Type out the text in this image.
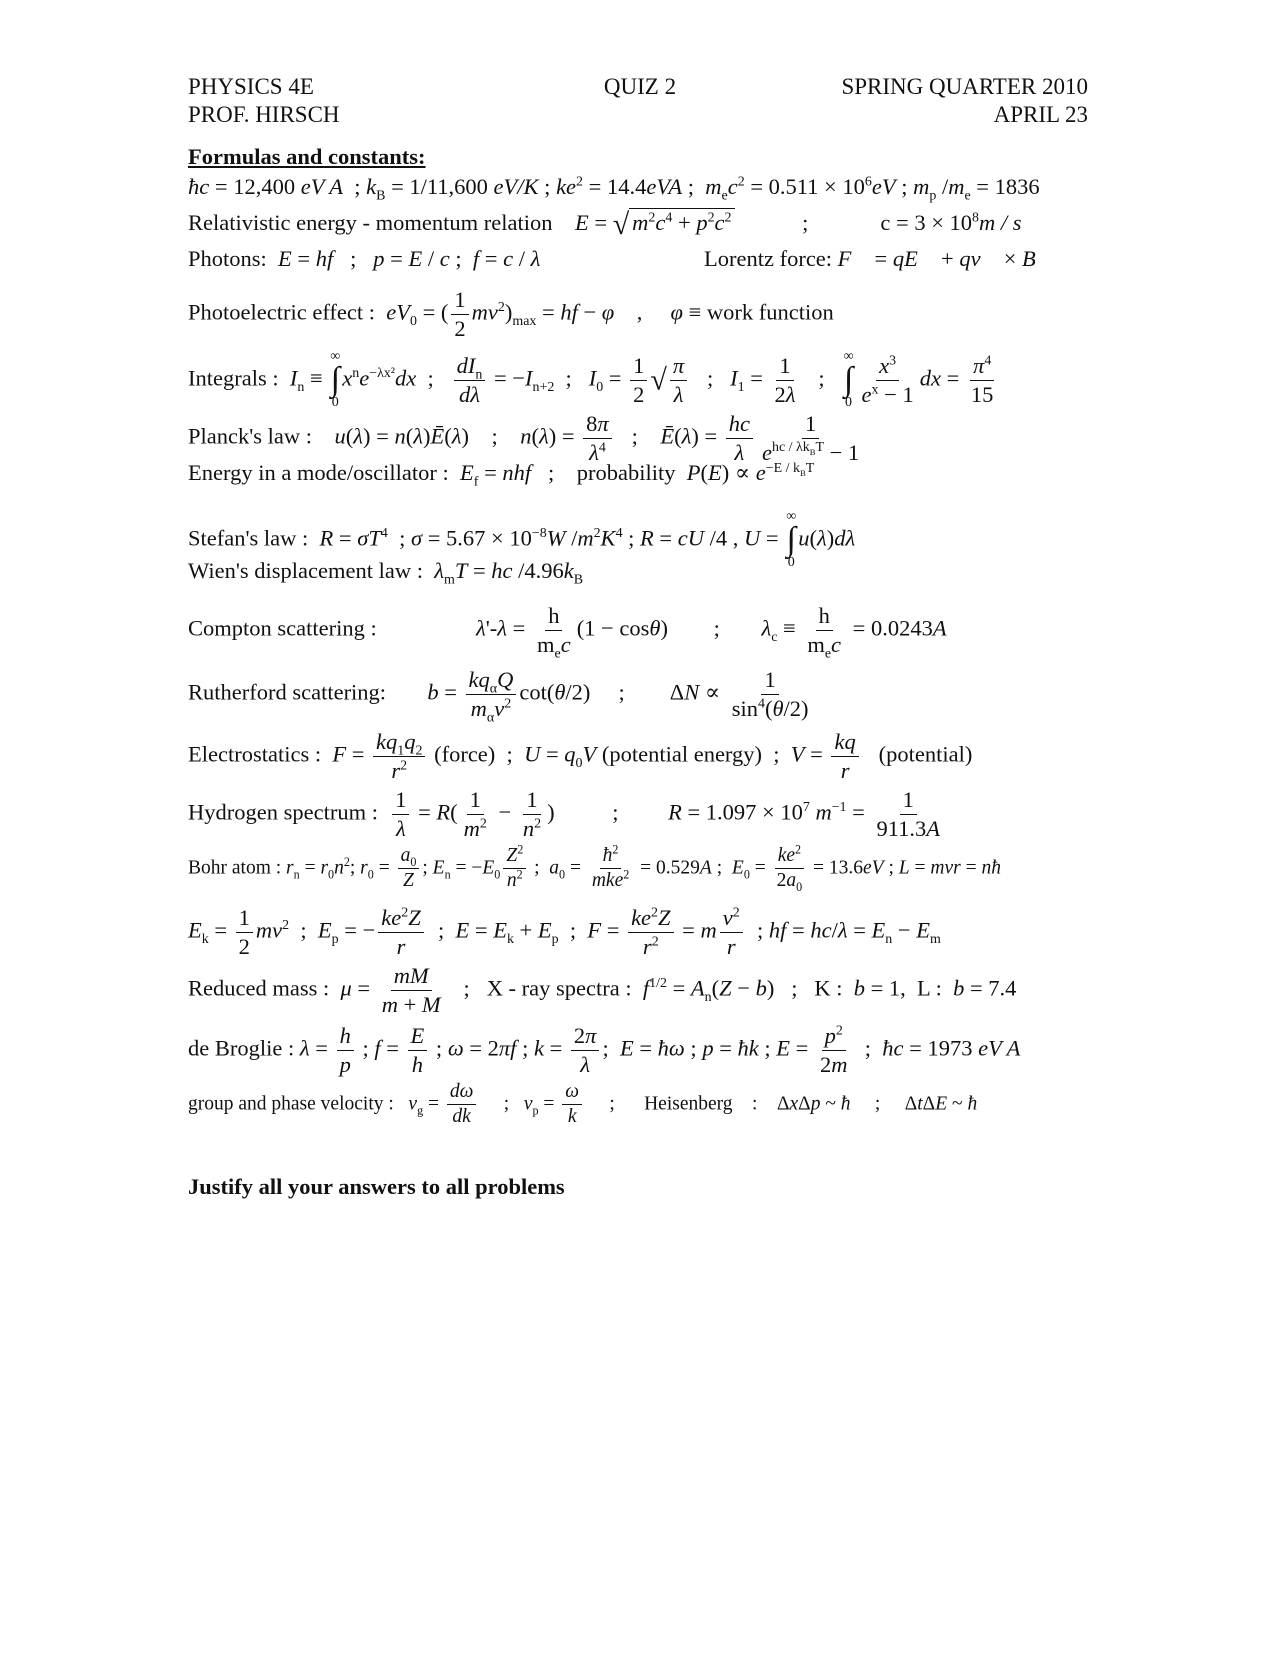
PHYSICS 4E	QUIZ 2	SPRING QUARTER 2010
PROF. HIRSCH	APRIL 23
Formulas and constants:
ħc = 12,400 eV A  ; $k_B = 1/11,600$ eV/K ; $ke^2 = 14.4eVA$ ;  $m_ec^2 = 0.511 \times 10^6eV$ ; $m_p$ $/m_e = 1836$
Relativistic energy - momentum relation E = √ $m^2c^4 + p^2c^2$	;	$c = 3 \times 10^8m / s$
Photons: E = hf   ;   p = E / c ;  f = c / λ	Lorentz force: F⃗ = qE⃗ + qv⃗ × B⃗
Photoelectric effect : $eV_0$ = ( $\frac{1}{2} mv^2)_{max}$ = hf − φ    ,     φ ≡ work function
Integrals : $I_n$ ≡
∞
∫
0
$x^ne^{-\lambda x^2}dx$  ; $\frac{dI_n}{d\lambda} = -I_{n+2}$  ;   $I_0 = \frac{1}{2}$ √ $\frac{\pi}{\lambda}$ ;   $I_1 = \frac{1}{2\lambda}$ ;
∞
∫
$0 \frac{x^3}{e^x - 1}$ dx = $\frac{\pi^4}{15}$
Planck's law : u(λ) = n(λ)Ē(λ)    ;    $n(\lambda) = \frac{8\pi}{\lambda^4}$ ;    Ē(λ) = $\frac{hc}{\lambda} \frac{1}{e^{hc / \lambda k_BT} - 1}$
Energy in a mode/oscillator : $E_f$ = nhf   ;    probability $P(E) \propto e^{-E / k_BT}$
Stefan's law : $R = \sigma T^4$  ; $\sigma = 5.67 \times 10^{-8}W$ $/m^2K^4$ ; R = cU /4 , U =
∞
∫
0
u(λ)dλ
Wien's displacement law : $\lambda_mT$ = hc $/4.96k_B$
Compton scattering :	$\lambda'-\lambda = \frac{h}{m_ec} (1 - \cos\theta)$ ; $\lambda_c \equiv \frac{h}{m_ec} = 0.0243A$
Rutherford scattering: $b = \frac{kq_\alpha Q}{m_\alpha v^2} \cot(\theta/2)$     ;        $\Delta N \propto \frac{1}{\sin^4(\theta/2)}$
Electrostatics : $F = \frac{kq_1q_2}{r^2}$ (force)  ;  $U = q_0V$ (potential energy)  ;  $V = \frac{kq}{r}$ (potential)
Hydrogen spectrum : $\frac{1}{\lambda} = R( \frac{1}{m^2} - \frac{1}{n^2}$ ) ; $R = 1.097 \times 10^7$ $m^{-1} = \frac{1}{911.3A}$
Bohr atom : $r_n = r_0n^2$; $r_0 = \frac{a_0}{Z}$ ; $E_n = -E_0 \frac{Z^2}{n^2}$ ;  $a_0 = \frac{ħ^2}{mke^2} = 0.529A$ ;  $E_0 = \frac{ke^2}{2a_0} = 13.6eV$ ; L = mvr = nħ
$E_k = \frac{1}{2} mv^2$  ;  $E_p$ = − $\frac{ke^2Z}{r}$ ;  $E = E_k + E_p$  ;  $F = \frac{ke^2Z}{r^2} = m \frac{v^2}{r}$ ; hf = $hc/\lambda = E_n - E_m$
Reduced mass : $\mu = \frac{mM}{m + M}$ ;   X - ray spectra : $f^{1/2} = A_n(Z - b)$   ;   K :  b = 1,  L :  b = 7.4
de Broglie : $\lambda = \frac{h}{p}$ ; $f = \frac{E}{h}$ ; ω = 2πf ; $k = \frac{2\pi}{\lambda}$ ;  E = ħω ; p = ħk ; $E = \frac{p^2}{2m}$ ;  ħc = 1973 eV A
group and phase velocity : $v_g = \frac{d\omega}{dk}$ ;   $v_p = \frac{\omega}{k}$ ;      Heisenberg    :    ΔxΔp ~ ħ     ;     ΔtΔE ~ ħ
Justify all your answers to all problems
